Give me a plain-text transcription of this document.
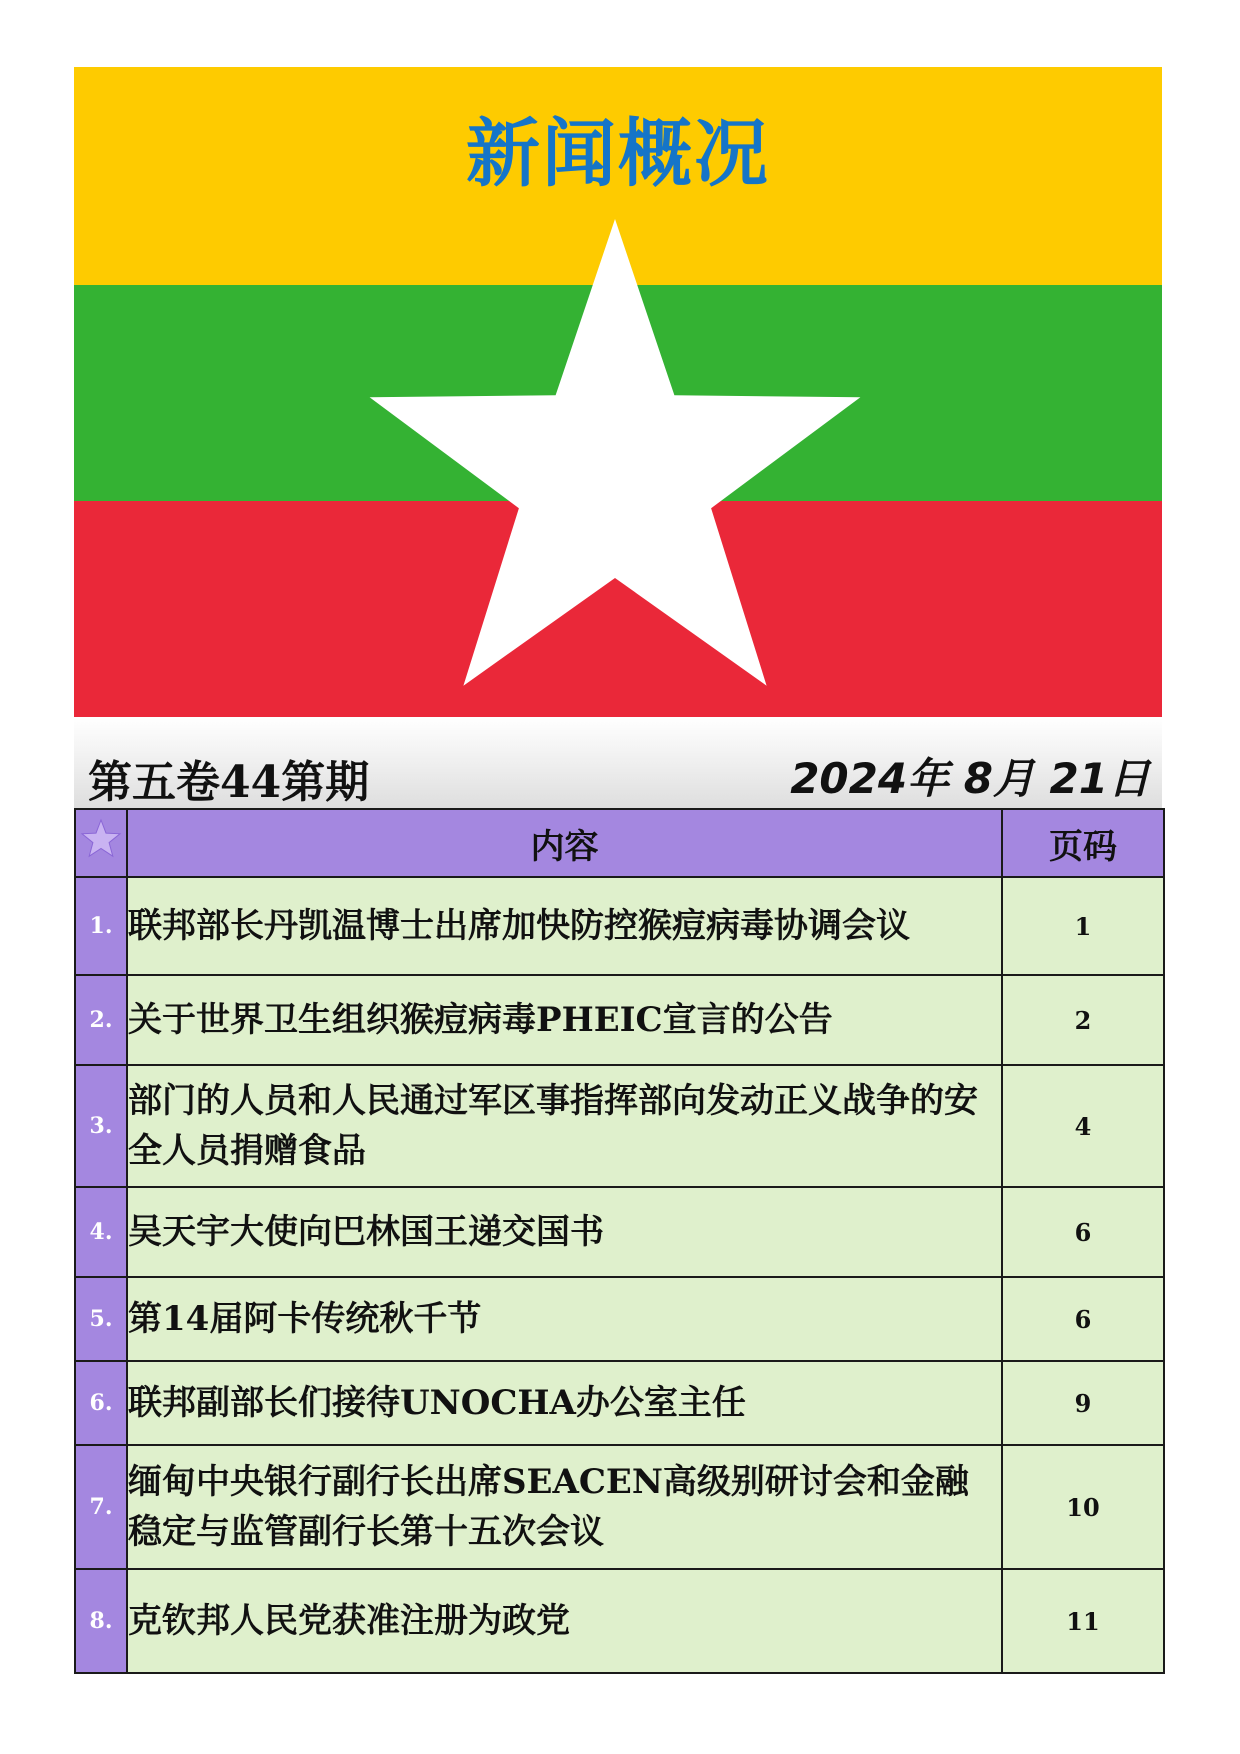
新闻概况
第五卷44第期	2024年 8月 21日
	内容	页码
1.	联邦部长丹凯温博士出席加快防控猴痘病毒协调会议	1
2.	关于世界卫生组织猴痘病毒PHEIC宣言的公告	2
3.	部门的人员和人民通过军区事指挥部向发动正义战争的安全人员捐赠食品	4
4.	吴天宇大使向巴林国王递交国书	6
5.	第14届阿卡传统秋千节	6
6.	联邦副部长们接待UNOCHA办公室主任	9
7.	缅甸中央银行副行长出席SEACEN高级别研讨会和金融稳定与监管副行长第十五次会议	10
8.	克钦邦人民党获准注册为政党	11
